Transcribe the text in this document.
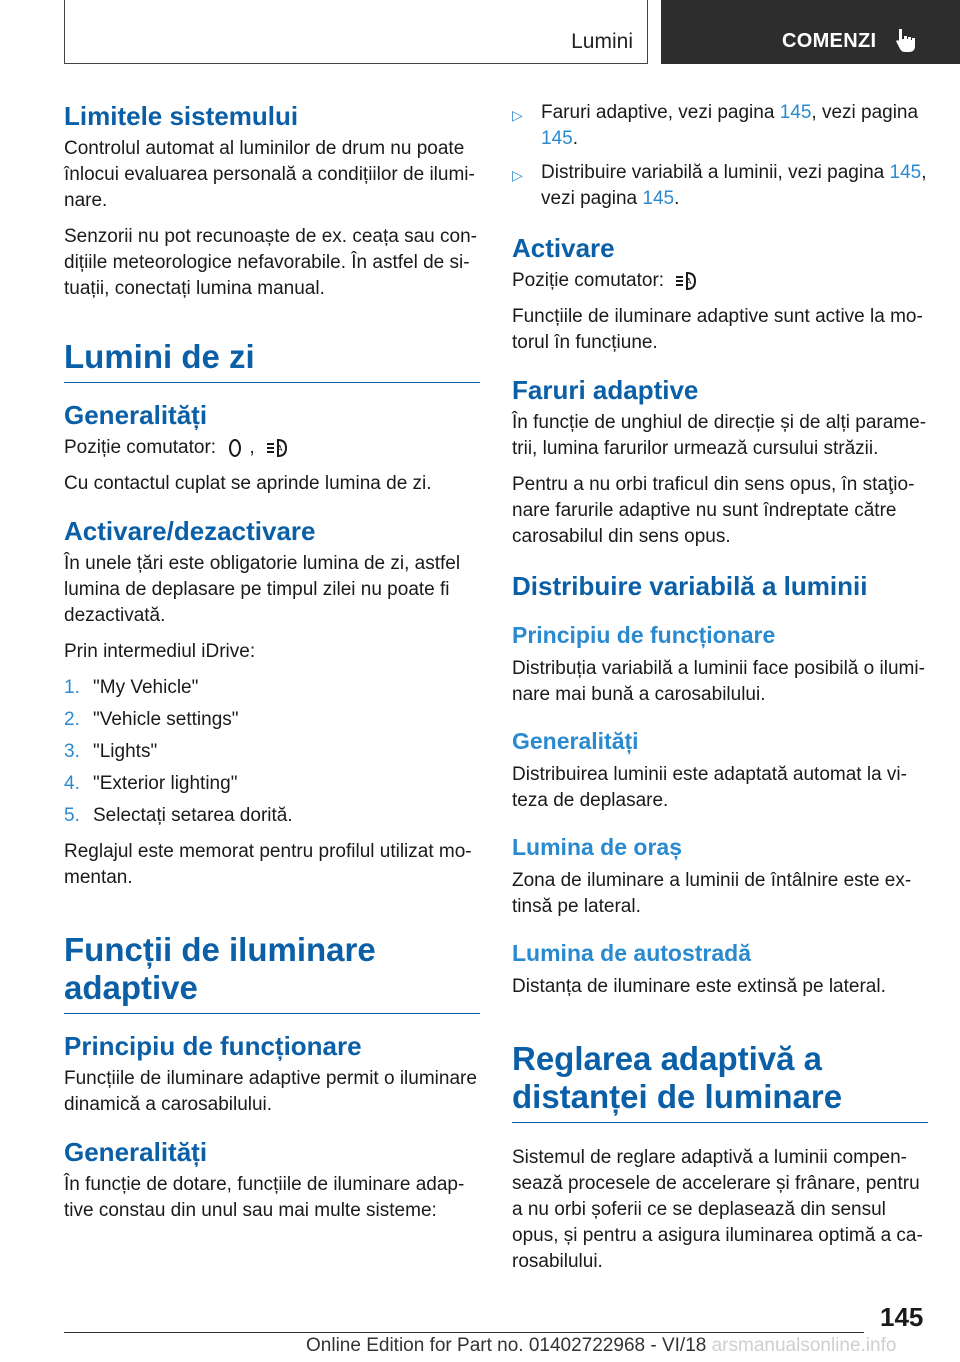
Lumini	COMENZI
Limitele sistemului

Controlul automat al luminilor de drum nu poate înlocui evaluarea personală a condițiilor de iluminare.

Senzorii nu pot recunoaște de ex. ceața sau condițiile meteorologice nefavorabile. În astfel de situații, conectați lumina manual.

Lumini de zi
Generalități

Poziție comutator: ,	A

Cu contactul cuplat se aprinde lumina de zi.

Activare/dezactivare

În unele țări este obligatorie lumina de zi, astfel lumina de deplasare pe timpul zilei nu poate fi dezactivată.

Prin intermediul iDrive:

1. "My Vehicle"
2. "Vehicle settings"
3. "Lights"
4. "Exterior lighting"
5. Selectați setarea dorită.

Reglajul este memorat pentru profilul utilizat momentan.

Funcții de iluminare adaptive
Principiu de funcționare

Funcțiile de iluminare adaptive permit o iluminare dinamică a carosabilului.

Generalități

În funcție de dotare, funcțiile de iluminare adaptive constau din unul sau mai multe sisteme:

▷ Faruri adaptive, vezi pagina 145, vezi pagina 145.
▷ Distribuire variabilă a luminii, vezi pagina 145, vezi pagina 145.
Activare

Poziție comutator:	A

Funcțiile de iluminare adaptive sunt active la motorul în funcțiune.

Faruri adaptive

În funcție de unghiul de direcție și de alți parametrii, lumina farurilor urmează cursului străzii.

Pentru a nu orbi traficul din sens opus, în staţionare farurile adaptive nu sunt îndreptate către carosabilul din sens opus.

Distribuire variabilă a luminii
Principiu de funcționare

Distribuția variabilă a luminii face posibilă o iluminare mai bună a carosabilului.

Generalități

Distribuirea luminii este adaptată automat la viteza de deplasare.

Lumina de oraș

Zona de iluminare a luminii de întâlnire este extinsă pe lateral.

Lumina de autostradă

Distanța de iluminare este extinsă pe lateral.

Reglarea adaptivă a distanței de luminare

Sistemul de reglare adaptivă a luminii compensează procesele de accelerare și frânare, pentru a nu orbi șoferii ce se deplasează din sensul opus, și pentru a asigura iluminarea optimă a carosabilului.

145
Online Edition for Part no. 01402722968 - VI/18 arsmanualsonline.info
